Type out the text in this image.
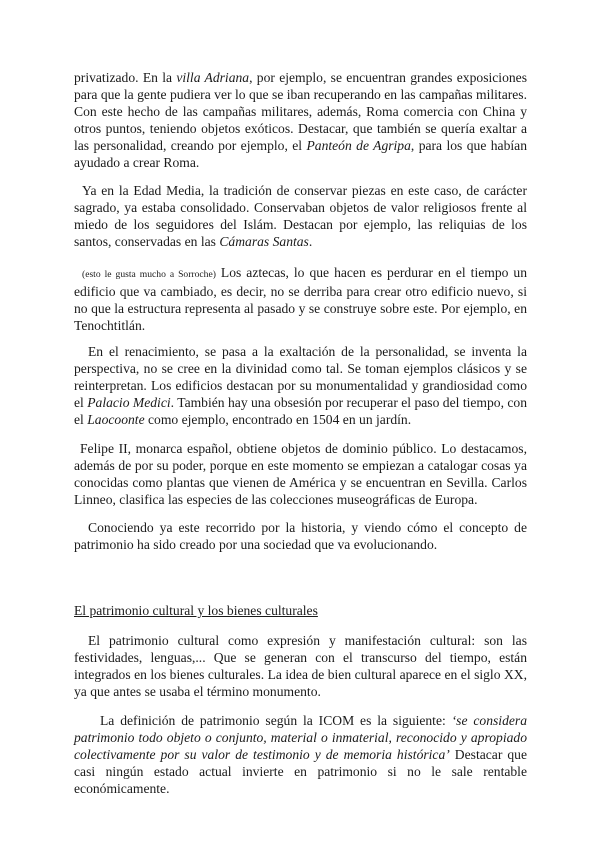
privatizado. En la villa Adriana, por ejemplo, se encuentran grandes exposiciones para que la gente pudiera ver lo que se iban recuperando en las campañas militares. Con este hecho de las campañas militares, además, Roma comercia con China y otros puntos, teniendo objetos exóticos. Destacar, que también se quería exaltar a las personalidad, creando por ejemplo, el Panteón de Agripa, para los que habían ayudado a crear Roma.

Ya en la Edad Media, la tradición de conservar piezas en este caso, de carácter sagrado, ya estaba consolidado. Conservaban objetos de valor religiosos frente al miedo de los seguidores del Islám. Destacan por ejemplo, las reliquias de los santos, conservadas en las Cámaras Santas.

(esto le gusta mucho a Sorroche) Los aztecas, lo que hacen es perdurar en el tiempo un edificio que va cambiado, es decir, no se derriba para crear otro edificio nuevo, si no que la estructura representa al pasado y se construye sobre este. Por ejemplo, en Tenochtitlán.

En el renacimiento, se pasa a la exaltación de la personalidad, se inventa la perspectiva, no se cree en la divinidad como tal. Se toman ejemplos clásicos y se reinterpretan. Los edificios destacan por su monumentalidad y grandiosidad como el Palacio Medici. También hay una obsesión por recuperar el paso del tiempo, con el Laocoonte como ejemplo, encontrado en 1504 en un jardín.

Felipe II, monarca español, obtiene objetos de dominio público. Lo destacamos, además de por su poder, porque en este momento se empiezan a catalogar cosas ya conocidas como plantas que vienen de América y se encuentran en Sevilla. Carlos Linneo, clasifica las especies de las colecciones museográficas de Europa.

Conociendo ya este recorrido por la historia, y viendo cómo el concepto de patrimonio ha sido creado por una sociedad que va evolucionando.

El patrimonio cultural y los bienes culturales

El patrimonio cultural como expresión y manifestación cultural: son las festividades, lenguas,... Que se generan con el transcurso del tiempo, están integrados en los bienes culturales. La idea de bien cultural aparece en el siglo XX, ya que antes se usaba el término monumento.

La definición de patrimonio según la ICOM es la siguiente: ‘se considera patrimonio todo objeto o conjunto, material o inmaterial, reconocido y apropiado colectivamente por su valor de testimonio y de memoria histórica’ Destacar que casi ningún estado actual invierte en patrimonio si no le sale rentable económicamente.
